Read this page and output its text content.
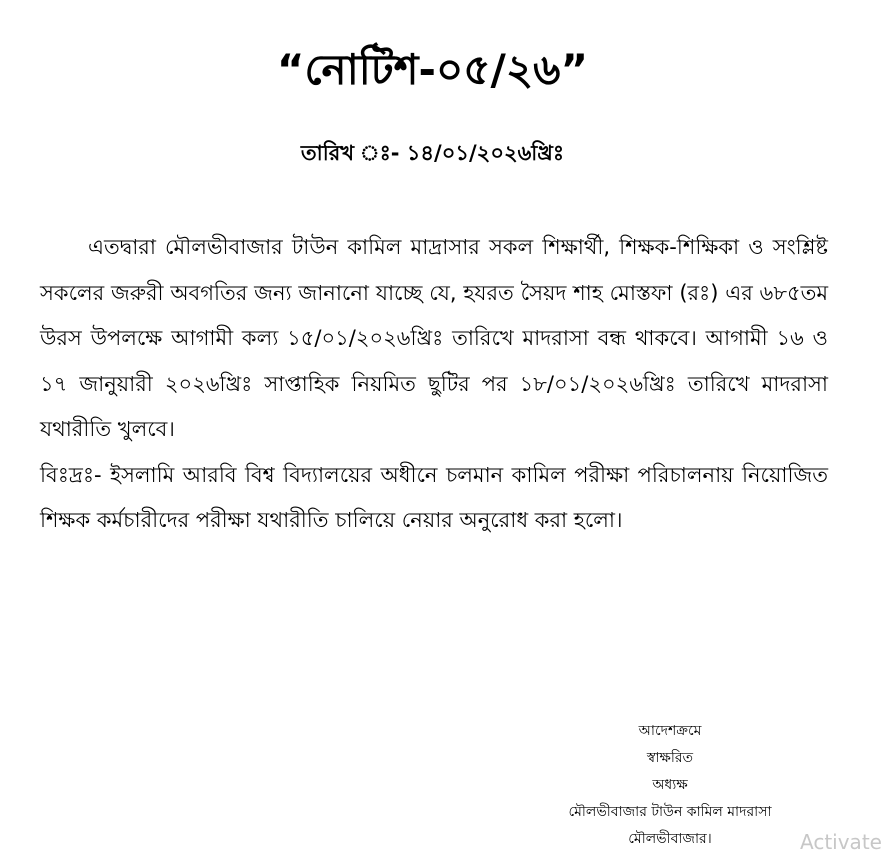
“নোটিশ-০৫/২৬”
তারিখ ঃ- ১৪/০১/২০২৬খ্রিঃ

এতদ্বারা মৌলভীবাজার টাউন কামিল মাদ্রাসার সকল শিক্ষার্থী, শিক্ষক-শিক্ষিকা ও সংশ্লিষ্ট সকলের জরুরী অবগতির জন্য জানানো যাচ্ছে যে, হযরত সৈয়দ শাহ মোস্তফা (রঃ) এর ৬৮৫তম উরস উপলক্ষে আগামী কল্য ১৫/০১/২০২৬খ্রিঃ তারিখে মাদরাসা বন্ধ থাকবে। আগামী ১৬ ও ১৭ জানুয়ারী ২০২৬খ্রিঃ সাপ্তাহিক নিয়মিত ছুটির পর ১৮/০১/২০২৬খ্রিঃ তারিখে মাদরাসা যথারীতি খুলবে।

বিঃদ্রঃ- ইসলামি আরবি বিশ্ব বিদ্যালয়ের অধীনে চলমান কামিল পরীক্ষা পরিচালনায় নিয়োজিত শিক্ষক কর্মচারীদের পরীক্ষা যথারীতি চালিয়ে নেয়ার অনুরোধ করা হলো।

আদেশক্রমে
স্বাক্ষরিত
অধ্যক্ষ
মৌলভীবাজার টাউন কামিল মাদরাসা
মৌলভীবাজার।	Activate
